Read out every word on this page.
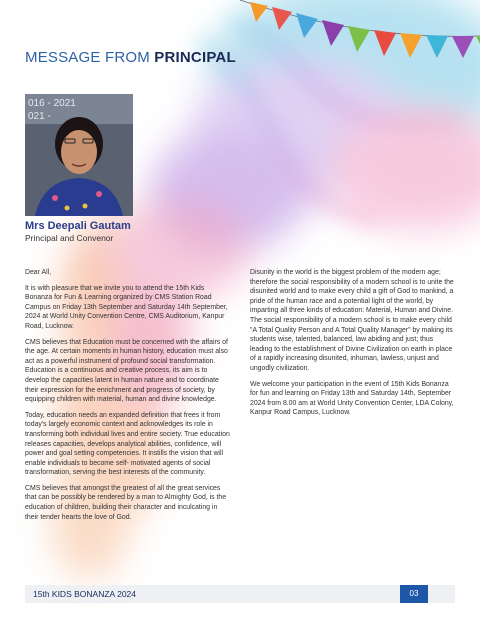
MESSAGE FROM PRINCIPAL
016 - 2021
021 -
Mrs Deepali Gautam
Principal and Convenor

Dear All,

It is with pleasure that we invite you to attend the 15th Kids Bonanza for Fun & Learning organized by CMS Station Road Campus on Friday 13th September and Saturday 14th September, 2024 at World Unity Convention Centre, CMS Auditorium, Kanpur Road, Lucknow.

CMS believes that Education must be concerned with the affairs of the age. At certain moments in human history, education must also act as a powerful instrument of profound social transformation. Education is a continuous and creative process, its aim is to develop the capacities latent in human nature and to coordinate their expression for the enrichment and progress of society, by equipping children with material, human and divine knowledge.

Today, education needs an expanded definition that frees it from today's largely economic context and acknowledges its role in transforming both individual lives and entire society. True education releases capacities, develops analytical abilities, confidence, will power and goal setting competencies. It instills the vision that will enable individuals to become self- motivated agents of social transformation, serving the best interests of the community.

CMS believes that amongst the greatest of all the great services that can be possibly be rendered by a man to Almighty God, is the education of children, building their character and inculcating in their tender hearts the love of God.

Disunity in the world is the biggest problem of the modern age; therefore the social responsibility of a modern school is to unite the disunited world and to make every child a gift of God to mankind, a pride of the human race and a potential light of the world, by imparting all three kinds of education: Material, Human and Divine. The social responsibility of a modern school is to make every child "A Total Quality Person and A Total Quality Manager" by making its students wise, talented, balanced, law abiding and just; thus leading to the establishment of Divine Civilization on earth in place of a rapidly increasing disunited, inhuman, lawless, unjust and ungodly civilization.

We welcome your participation in the event of 15th Kids Bonanza for fun and learning on Friday 13th and Saturday 14th, September 2024 from 8.00 am at World Unity Convention Center, LDA Colony, Kanpur Road Campus, Lucknow.

15th KIDS BONANZA 2024	03
